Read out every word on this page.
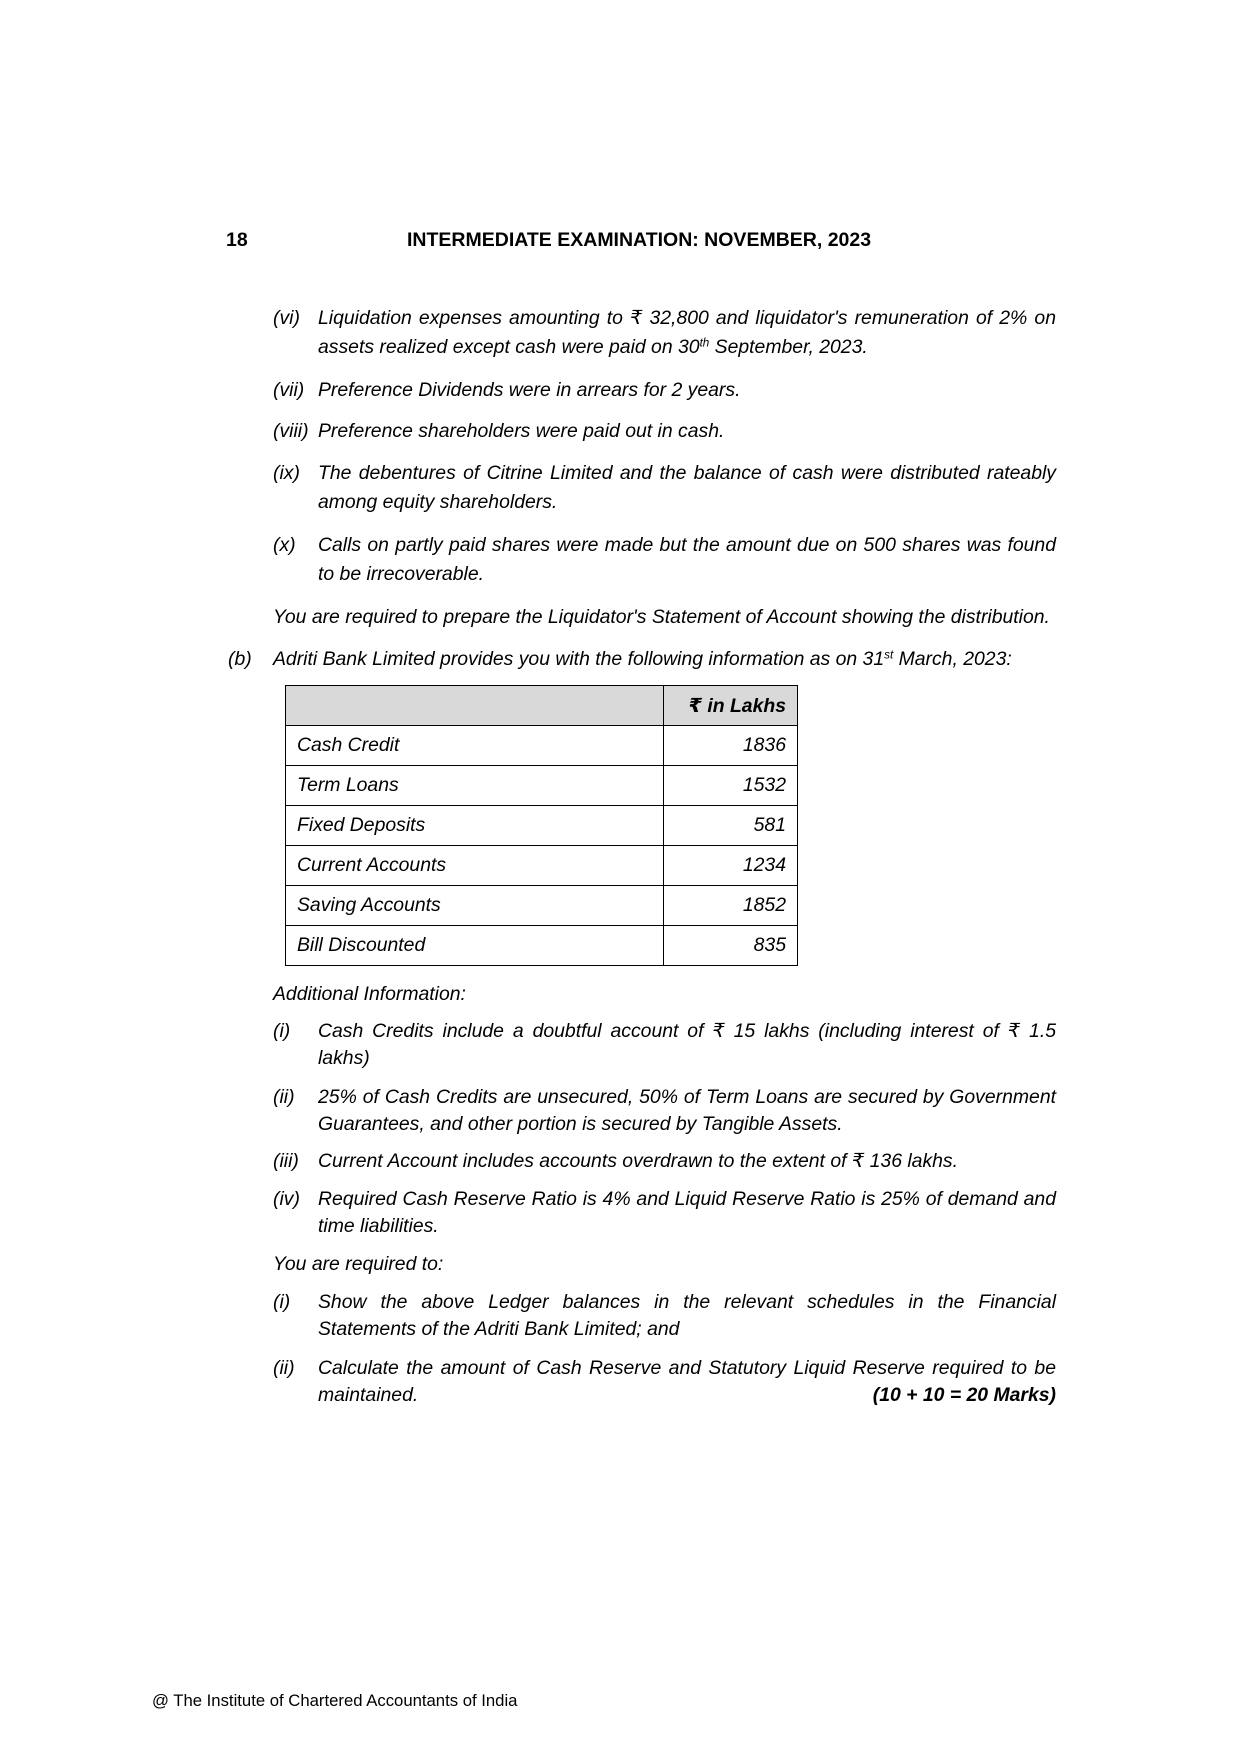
18	INTERMEDIATE EXAMINATION: NOVEMBER, 2023
(vi) Liquidation expenses amounting to ₹ 32,800 and liquidator's remuneration of 2% on assets realized except cash were paid on 30th September, 2023.
(vii) Preference Dividends were in arrears for 2 years.
(viii) Preference shareholders were paid out in cash.
(ix) The debentures of Citrine Limited and the balance of cash were distributed rateably among equity shareholders.
(x) Calls on partly paid shares were made but the amount due on 500 shares was found to be irrecoverable.
You are required to prepare the Liquidator's Statement of Account showing the distribution.
(b) Adriti Bank Limited provides you with the following information as on 31st March, 2023:
	₹ in Lakhs
Cash Credit	1836
Term Loans	1532
Fixed Deposits	581
Current Accounts	1234
Saving Accounts	1852
Bill Discounted	835
Additional Information:
(i) Cash Credits include a doubtful account of ₹ 15 lakhs (including interest of ₹ 1.5 lakhs)
(ii) 25% of Cash Credits are unsecured, 50% of Term Loans are secured by Government Guarantees, and other portion is secured by Tangible Assets.
(iii) Current Account includes accounts overdrawn to the extent of ₹ 136 lakhs.
(iv) Required Cash Reserve Ratio is 4% and Liquid Reserve Ratio is 25% of demand and time liabilities.
You are required to:
(i) Show the above Ledger balances in the relevant schedules in the Financial Statements of the Adriti Bank Limited; and
(ii) Calculate the amount of Cash Reserve and Statutory Liquid Reserve required to be maintained.	(10 + 10 = 20 Marks)
@ The Institute of Chartered Accountants of India
